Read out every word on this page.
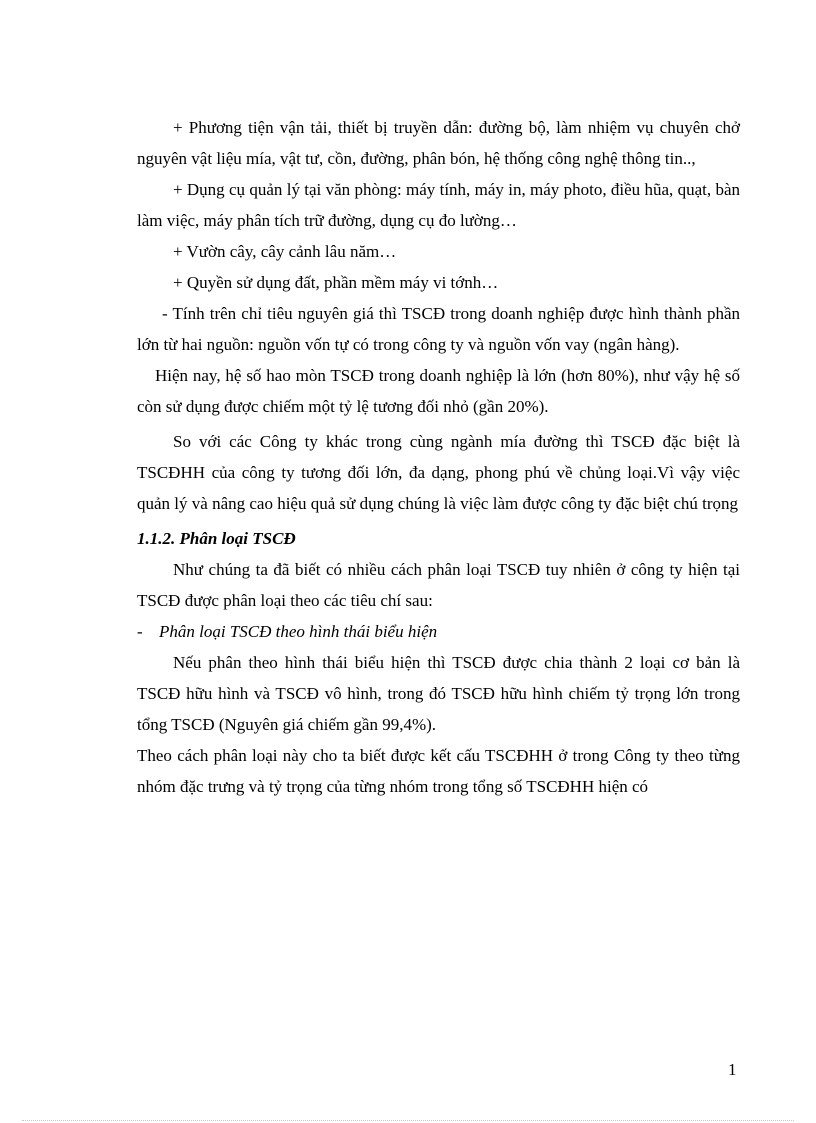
+ Phương tiện vận tải, thiết bị truyền dẫn: đường bộ, làm nhiệm vụ chuyên chở nguyên vật liệu mía, vật tư, cồn, đường, phân bón, hệ thống công nghệ thông tin..,

+ Dụng cụ quản lý tại văn phòng: máy tính, máy in, máy photo, điều hũa, quạt, bàn làm việc, máy phân tích trữ đường, dụng cụ đo lường…

+ Vườn cây, cây cảnh lâu năm…

+ Quyền sử dụng đất, phần mềm máy vi tớnh…

- Tính trên chỉ tiêu nguyên giá thì TSCĐ trong doanh nghiệp được hình thành phần lớn từ hai nguồn: nguồn vốn tự có trong công ty và nguồn vốn vay (ngân hàng).

Hiện nay, hệ số hao mòn TSCĐ trong doanh nghiệp là lớn (hơn 80%), như vậy hệ số còn sử dụng được chiếm một tỷ lệ tương đối nhỏ (gần 20%).

So với các Công ty khác trong cùng ngành mía đường thì TSCĐ đặc biệt là TSCĐHH của công ty tương đối lớn, đa dạng, phong phú về chủng loại.Vì vậy việc quản lý và nâng cao hiệu quả sử dụng chúng là việc làm được công ty đặc biệt chú trọng

1.1.2. Phân loại TSCĐ

Như chúng ta đã biết có nhiều cách phân loại TSCĐ tuy nhiên ở công ty hiện tại TSCĐ được phân loại theo các tiêu chí sau:

- Phân loại TSCĐ theo hình thái biểu hiện

Nếu phân theo hình thái biểu hiện thì TSCĐ được chia thành 2 loại cơ bản là TSCĐ hữu hình và TSCĐ vô hình, trong đó TSCĐ hữu hình chiếm tỷ trọng lớn trong tổng TSCĐ (Nguyên giá chiếm gần 99,4%).

Theo cách phân loại này cho ta biết được kết cấu TSCĐHH ở trong Công ty theo từng nhóm đặc trưng và tỷ trọng của từng nhóm trong tổng số TSCĐHH hiện có

1
